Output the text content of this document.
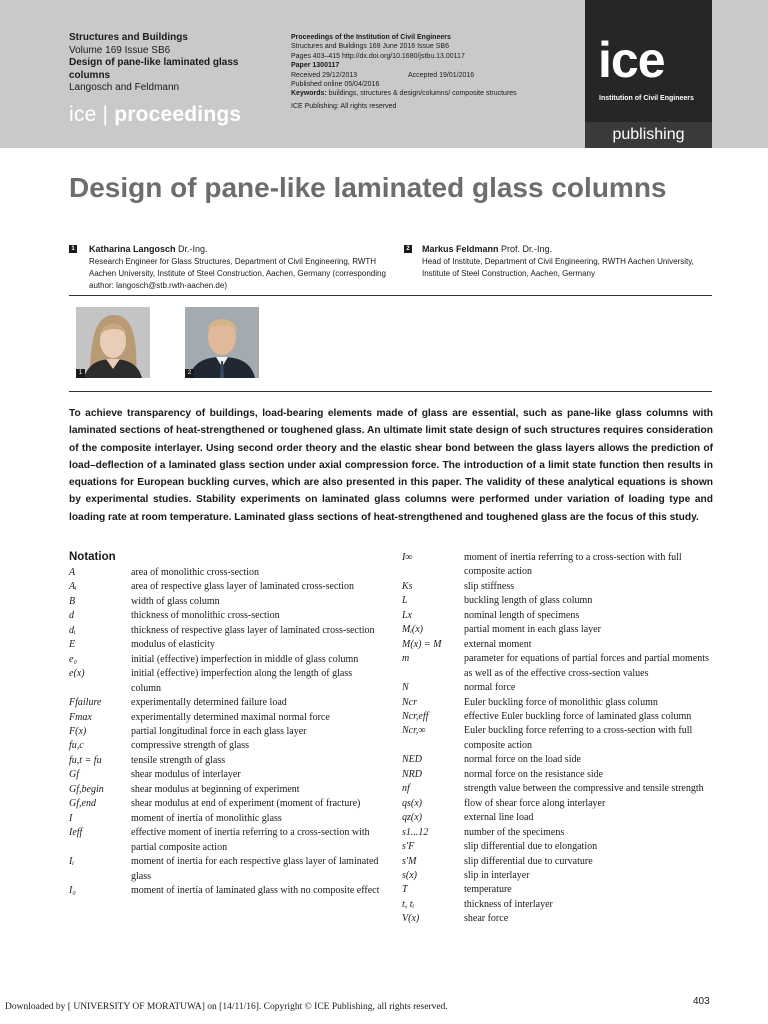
Structures and Buildings
Volume 169 Issue SB6
Design of pane-like laminated glass columns
Langosch and Feldmann
ice | proceedings
Proceedings of the Institution of Civil Engineers
Structures and Buildings 169 June 2016 Issue SB6
Pages 403–415 http://dx.doi.org/10.1680/jstbu.13.00117
Paper 1300117
Received 29/12/2013	Accepted 19/01/2016
Published online 05/04/2016
Keywords: buildings, structures & design/columns/ composite structures
ICE Publishing: All rights reserved
ice
Institution of Civil Engineers
publishing
Design of pane-like laminated glass columns
1 Katharina Langosch Dr.-Ing.
Research Engineer for Glass Structures, Department of Civil Engineering, RWTH Aachen University, Institute of Steel Construction, Aachen, Germany (corresponding author: langosch@stb.rwth-aachen.de)
2 Markus Feldmann Prof. Dr.-Ing.
Head of Institute, Department of Civil Engineering, RWTH Aachen University, Institute of Steel Construction, Aachen, Germany
1	2
To achieve transparency of buildings, load-bearing elements made of glass are essential, such as pane-like glass columns with laminated sections of heat-strengthened or toughened glass. An ultimate limit state design of such structures requires consideration of the composite interlayer. Using second order theory and the elastic shear bond between the glass layers allows the prediction of load–deflection of a laminated glass section under axial compression force. The introduction of a limit state function then results in equations for European buckling curves, which are also presented in this paper. The validity of these analytical equations is shown by experimental studies. Stability experiments on laminated glass columns were performed under variation of loading type and loading rate at room temperature. Laminated glass sections of heat-strengthened and toughened glass are the focus of this study.
Notation
A	area of monolithic cross-section
Aᵢ	area of respective glass layer of laminated cross-section
B	width of glass column
d	thickness of monolithic cross-section
dᵢ	thickness of respective glass layer of laminated cross-section
E	modulus of elasticity
e₀	initial (effective) imperfection in middle of glass column
e(x)	initial (effective) imperfection along the length of glass column
Ffailure	experimentally determined failure load
Fmax	experimentally determined maximal normal force
F(x)	partial longitudinal force in each glass layer
fu,c	compressive strength of glass
fu,t = fu	tensile strength of glass
Gf	shear modulus of interlayer
Gf,begin	shear modulus at beginning of experiment
Gf,end	shear modulus at end of experiment (moment of fracture)
I	moment of inertia of monolithic glass
Ieff	effective moment of inertia referring to a cross-section with partial composite action
Iᵢ	moment of inertia for each respective glass layer of laminated glass
I₀	moment of inertia of laminated glass with no composite effect
I∞	moment of inertia referring to a cross-section with full composite action
Ks	slip stiffness
L	buckling length of glass column
Lx	nominal length of specimens
Mᵢ(x)	partial moment in each glass layer
M(x) = M	external moment
m	parameter for equations of partial forces and partial moments as well as of the effective cross-section values
N	normal force
Ncr	Euler buckling force of monolithic glass column
Ncr,eff	effective Euler buckling force of laminated glass column
Ncr,∞	Euler buckling force referring to a cross-section with full composite action
NED	normal force on the load side
NRD	normal force on the resistance side
nf	strength value between the compressive and tensile strength
qs(x)	flow of shear force along interlayer
qz(x)	external line load
s1...12	number of the specimens
s′F	slip differential due to elongation
s′M	slip differential due to curvature
s(x)	slip in interlayer
T	temperature
t, tᵢ	thickness of interlayer
V(x)	shear force
Downloaded by [ UNIVERSITY OF MORATUWA] on [14/11/16]. Copyright © ICE Publishing, all rights reserved.	403
